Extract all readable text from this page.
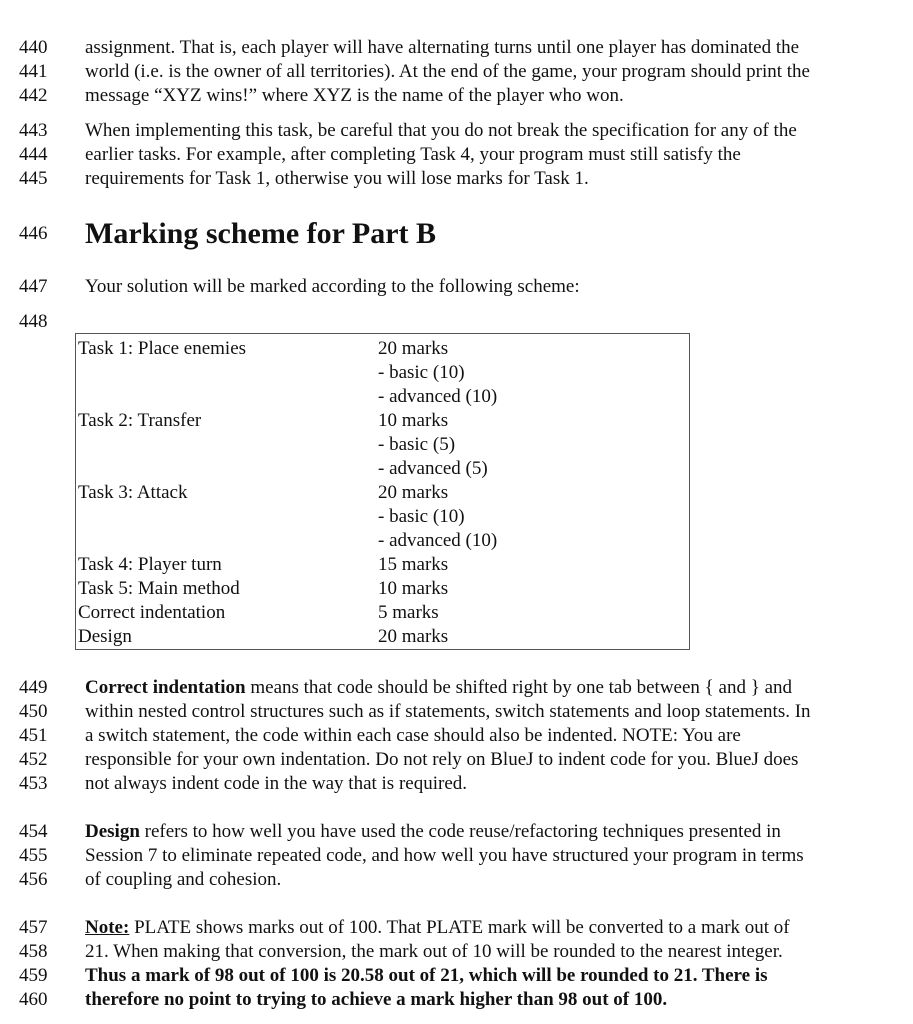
440
441
442
443
444
445
446
447
448
449
450
451
452
453
454
455
456
457
458
459
460
assignment. That is, each player will have alternating turns until one player has dominated the
world (i.e. is the owner of all territories). At the end of the game, your program should print the
message “XYZ wins!” where XYZ is the name of the player who won.
When implementing this task, be careful that you do not break the specification for any of the
earlier tasks. For example, after completing Task 4, your program must still satisfy the
requirements for Task 1, otherwise you will lose marks for Task 1.
Marking scheme for Part B
Your solution will be marked according to the following scheme:
Task 1: Place enemies	20 marks
- basic (10)
- advanced (10)
Task 2: Transfer	10 marks
- basic (5)
- advanced (5)
Task 3: Attack	20 marks
- basic (10)
- advanced (10)
Task 4: Player turn	15 marks
Task 5: Main method	10 marks
Correct indentation	5 marks
Design	20 marks
Correct indentation means that code should be shifted right by one tab between { and } and
within nested control structures such as if statements, switch statements and loop statements. In
a switch statement, the code within each case should also be indented. NOTE: You are
responsible for your own indentation. Do not rely on BlueJ to indent code for you. BlueJ does
not always indent code in the way that is required.
Design refers to how well you have used the code reuse/refactoring techniques presented in
Session 7 to eliminate repeated code, and how well you have structured your program in terms
of coupling and cohesion.
Note: PLATE shows marks out of 100. That PLATE mark will be converted to a mark out of
21. When making that conversion, the mark out of 10 will be rounded to the nearest integer.
Thus a mark of 98 out of 100 is 20.58 out of 21, which will be rounded to 21. There is
therefore no point to trying to achieve a mark higher than 98 out of 100.
